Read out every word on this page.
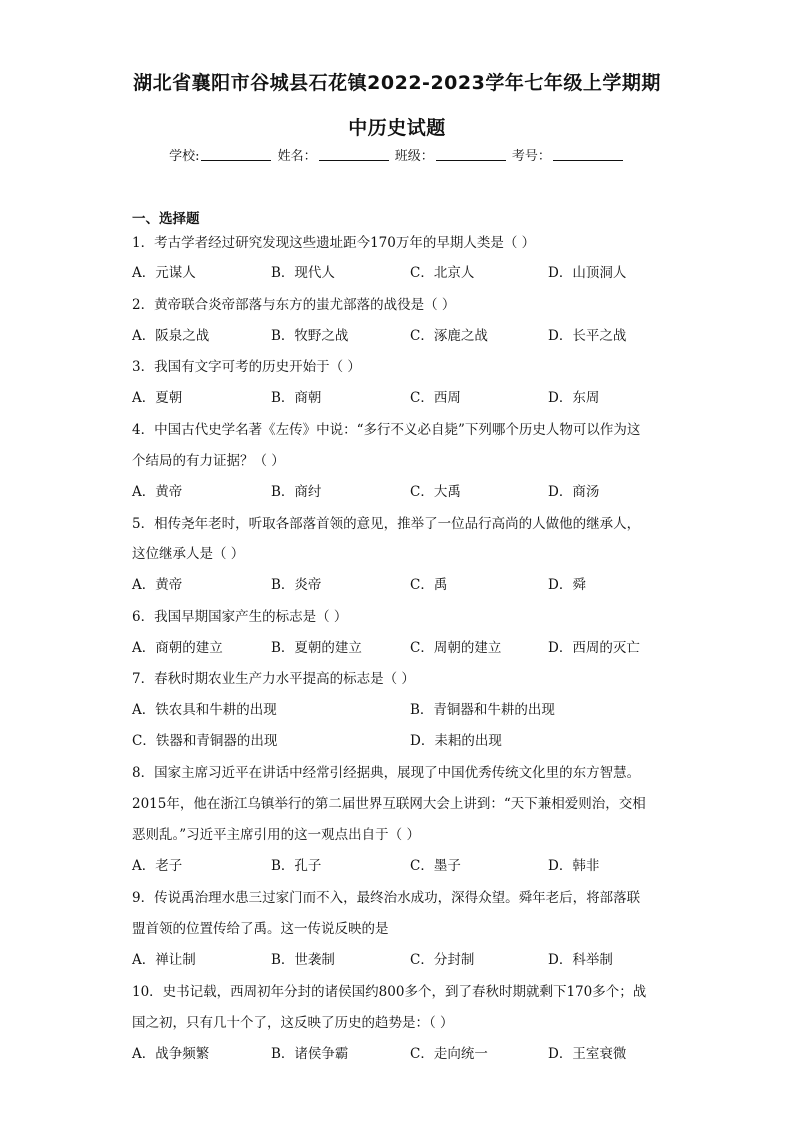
湖北省襄阳市谷城县石花镇2022-2023学年七年级上学期期
中历史试题
学校:	姓名：	班级：	考号：
一、选择题
1．考古学者经过研究发现这些遗址距今170万年的早期人类是（ ）
A．元谋人	B．现代人	C．北京人	D．山顶洞人
2．黄帝联合炎帝部落与东方的蚩尤部落的战役是（ ）
A．阪泉之战	B．牧野之战	C．涿鹿之战	D．长平之战
3．我国有文字可考的历史开始于（ ）
A．夏朝	B．商朝	C．西周	D．东周
4．中国古代史学名著《左传》中说：“多行不义必自毙”下列哪个历史人物可以作为这
个结局的有力证据？（ ）
A．黄帝	B．商纣	C．大禹	D．商汤
5．相传尧年老时，听取各部落首领的意见，推举了一位品行高尚的人做他的继承人，
这位继承人是（ ）
A．黄帝	B．炎帝	C．禹	D．舜
6．我国早期国家产生的标志是（ ）
A．商朝的建立	B．夏朝的建立	C．周朝的建立	D．西周的灭亡
7．春秋时期农业生产力水平提高的标志是（ ）
A．铁农具和牛耕的出现	B．青铜器和牛耕的出现
C．铁器和青铜器的出现	D．耒耜的出现
8．国家主席习近平在讲话中经常引经据典，展现了中国优秀传统文化里的东方智慧。
2015年，他在浙江乌镇举行的第二届世界互联网大会上讲到：“天下兼相爱则治，交相
恶则乱。”习近平主席引用的这一观点出自于（ ）
A．老子	B．孔子	C．墨子	D．韩非
9．传说禹治理水患三过家门而不入，最终治水成功，深得众望。舜年老后，将部落联
盟首领的位置传给了禹。这一传说反映的是
A．禅让制	B．世袭制	C．分封制	D．科举制
10．史书记载，西周初年分封的诸侯国约800多个，到了春秋时期就剩下170多个；战
国之初，只有几十个了，这反映了历史的趋势是：（ ）
A．战争频繁	B．诸侯争霸	C．走向统一	D．王室衰微
